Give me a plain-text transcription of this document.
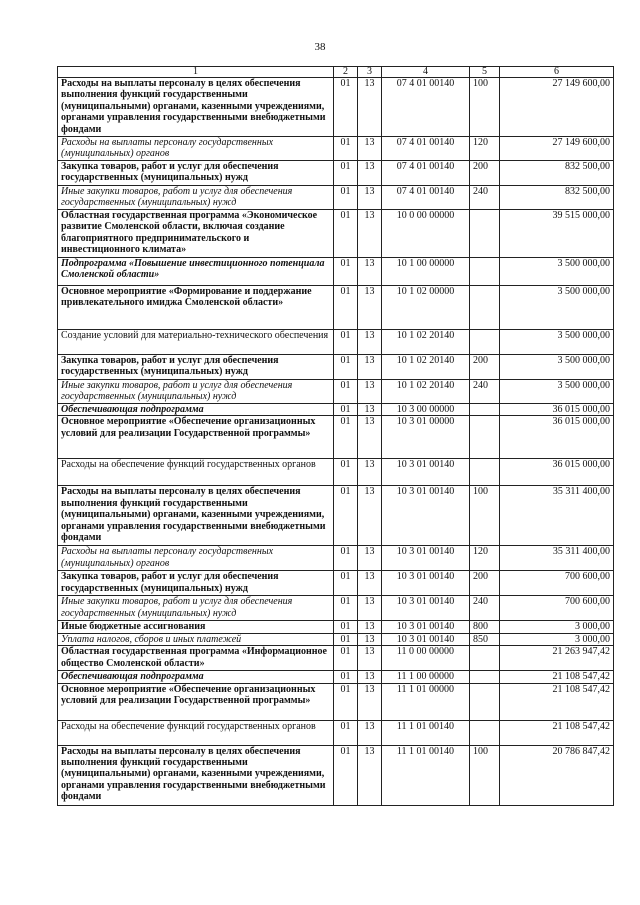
38
1	2	3	4	5	6
Расходы на выплаты персоналу в целях обеспечения выполнения функций государственными (муниципальными) органами, казенными учреждениями, органами управления государственными внебюджетными фондами	01	13	07 4 01 00140	100	27 149 600,00
Расходы на выплаты персоналу государственных (муниципальных) органов	01	13	07 4 01 00140	120	27 149 600,00
Закупка товаров, работ и услуг для обеспечения государственных (муниципальных) нужд	01	13	07 4 01 00140	200	832 500,00
Иные закупки товаров, работ и услуг для обеспечения государственных (муниципальных) нужд	01	13	07 4 01 00140	240	832 500,00
Областная государственная программа «Экономическое развитие Смоленской области, включая создание благоприятного предпринимательского и инвестиционного климата»	01	13	10 0 00 00000		39 515 000,00
Подпрограмма «Повышение инвестиционного потенциала Смоленской области»	01	13	10 1 00 00000		3 500 000,00
Основное мероприятие «Формирование и поддержание привлекательного имиджа Смоленской области»	01	13	10 1 02 00000		3 500 000,00
Создание условий для материально-технического обеспечения	01	13	10 1 02 20140		3 500 000,00
Закупка товаров, работ и услуг для обеспечения государственных (муниципальных) нужд	01	13	10 1 02 20140	200	3 500 000,00
Иные закупки товаров, работ и услуг для обеспечения государственных (муниципальных) нужд	01	13	10 1 02 20140	240	3 500 000,00
Обеспечивающая подпрограмма	01	13	10 3 00 00000		36 015 000,00
Основное мероприятие «Обеспечение организационных условий для реализации Государственной программы»	01	13	10 3 01 00000		36 015 000,00
Расходы на обеспечение функций государственных органов	01	13	10 3 01 00140		36 015 000,00
Расходы на выплаты персоналу в целях обеспечения выполнения функций государственными (муниципальными) органами, казенными учреждениями, органами управления государственными внебюджетными фондами	01	13	10 3 01 00140	100	35 311 400,00
Расходы на выплаты персоналу государственных (муниципальных) органов	01	13	10 3 01 00140	120	35 311 400,00
Закупка товаров, работ и услуг для обеспечения государственных (муниципальных) нужд	01	13	10 3 01 00140	200	700 600,00
Иные закупки товаров, работ и услуг для обеспечения государственных (муниципальных) нужд	01	13	10 3 01 00140	240	700 600,00
Иные бюджетные ассигнования	01	13	10 3 01 00140	800	3 000,00
Уплата налогов, сборов и иных платежей	01	13	10 3 01 00140	850	3 000,00
Областная государственная программа «Информационное общество Смоленской области»	01	13	11 0 00 00000		21 263 947,42
Обеспечивающая подпрограмма	01	13	11 1 00 00000		21 108 547,42
Основное мероприятие «Обеспечение организационных условий для реализации Государственной программы»	01	13	11 1 01 00000		21 108 547,42
Расходы на обеспечение функций государственных органов	01	13	11 1 01 00140		21 108 547,42
Расходы на выплаты персоналу в целях обеспечения выполнения функций государственными (муниципальными) органами, казенными учреждениями, органами управления государственными внебюджетными фондами	01	13	11 1 01 00140	100	20 786 847,42
